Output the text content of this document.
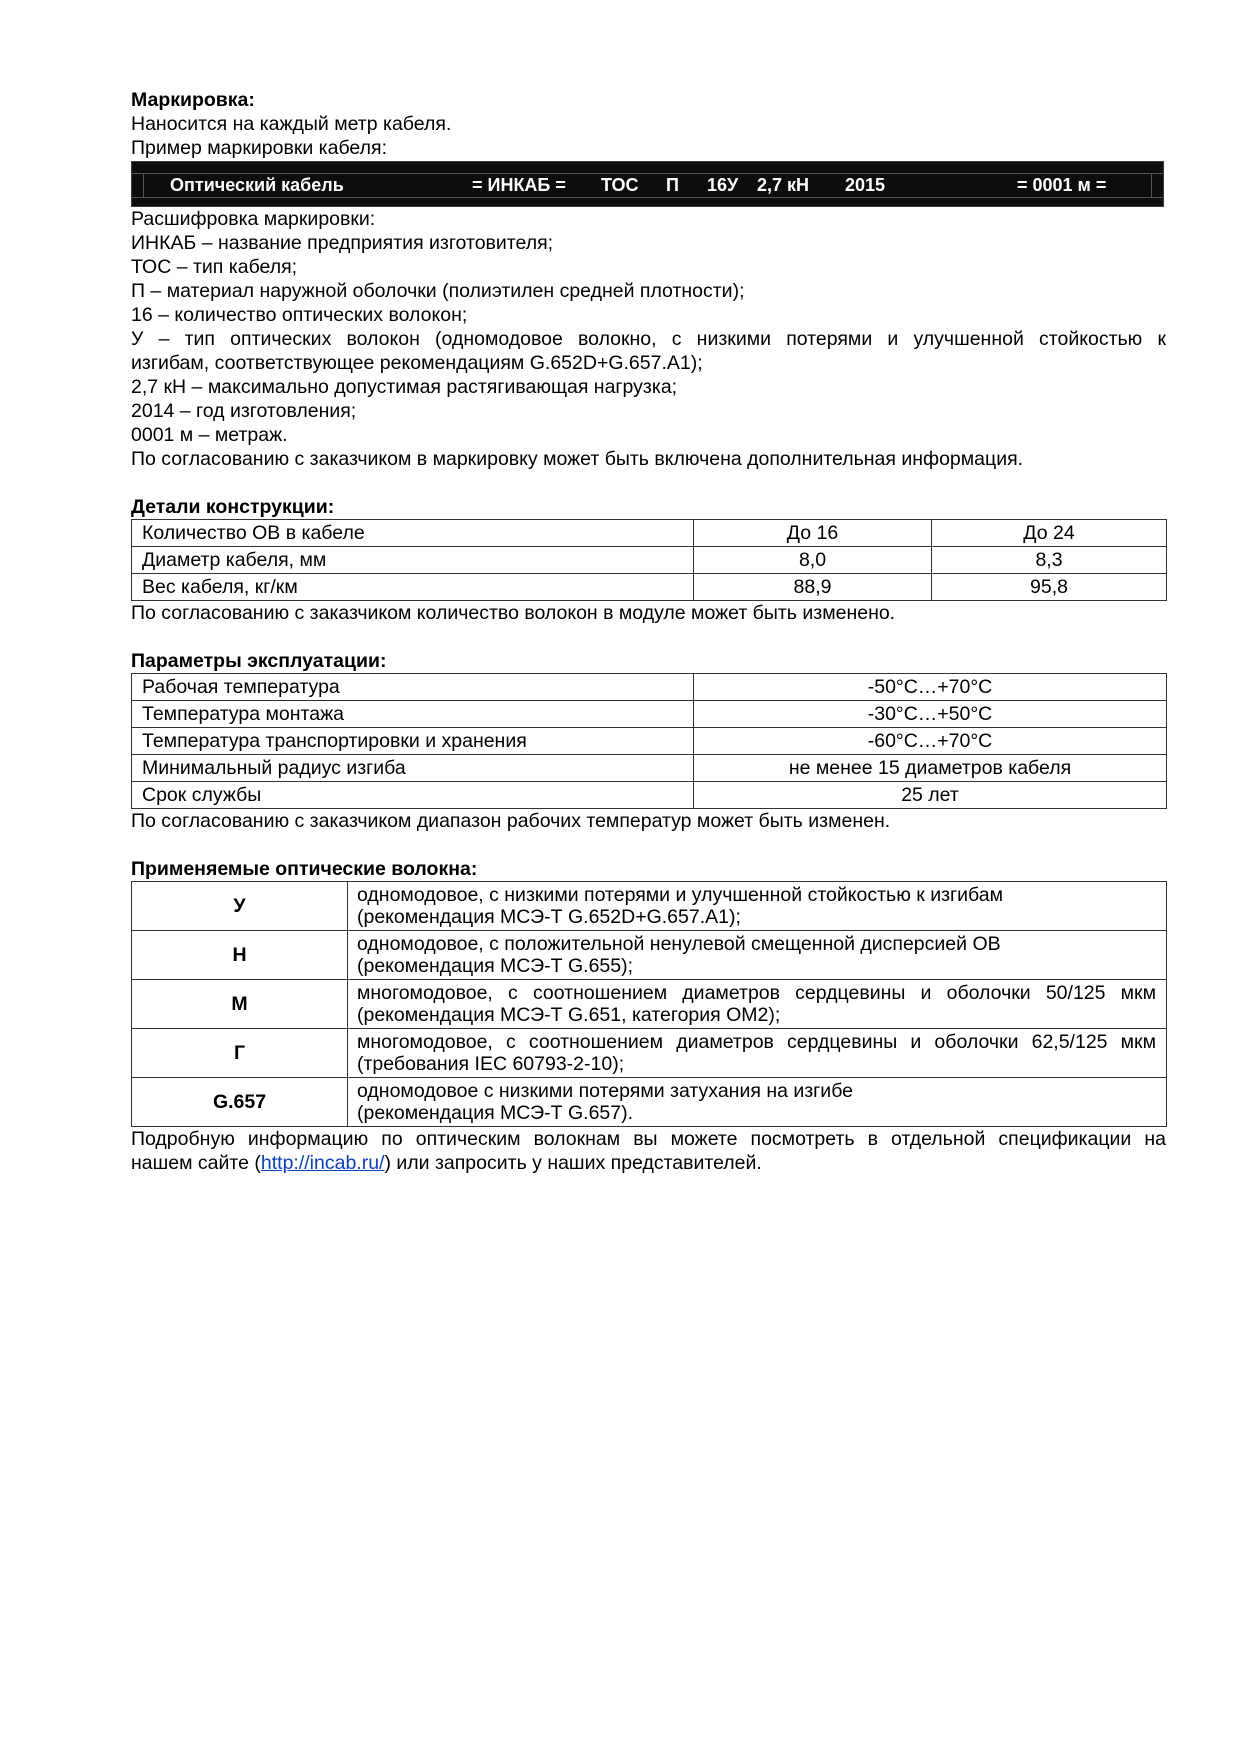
Маркировка:
Наносится на каждый метр кабеля.
Пример маркировки кабеля:
Оптический кабель	= ИНКАБ = ТОС П 16У 2,7 кН 2015	= 0001 м =
Расшифровка маркировки:
ИНКАБ – название предприятия изготовителя;
ТОС – тип кабеля;
П – материал наружной оболочки (полиэтилен средней плотности);
16 – количество оптических волокон;
У – тип оптических волокон (одномодовое волокно, с низкими потерями и улучшенной стойкостью к
изгибам, соответствующее рекомендациям G.652D+G.657.A1);
2,7 кН – максимально допустимая растягивающая нагрузка;
2014 – год изготовления;
0001 м – метраж.
По согласованию с заказчиком в маркировку может быть включена дополнительная информация.
Детали конструкции:
Количество ОВ в кабеле	До 16	До 24
Диаметр кабеля, мм	8,0	8,3
Вес кабеля, кг/км	88,9	95,8
По согласованию с заказчиком количество волокон в модуле может быть изменено.
Параметры эксплуатации:
Рабочая температура	-50°C…+70°C
Температура монтажа	-30°C…+50°C
Температура транспортировки и хранения	-60°C…+70°C
Минимальный радиус изгиба	не менее 15 диаметров кабеля
Срок службы	25 лет
По согласованию с заказчиком диапазон рабочих температур может быть изменен.
Применяемые оптические волокна:
У	одномодовое, с низкими потерями и улучшенной стойкостью к изгибам
(рекомендация МСЭ-Т G.652D+G.657.A1);

Н	одномодовое, с положительной ненулевой смещенной дисперсией ОВ
(рекомендация МСЭ-Т G.655);

М	многомодовое, с соотношением диаметров сердцевины и оболочки 50/125 мкм
(рекомендация МСЭ-Т G.651, категория ОМ2);

Г	многомодовое, с соотношением диаметров сердцевины и оболочки 62,5/125 мкм
(требования IEC 60793-2-10);

G.657	одномодовое с низкими потерями затухания на изгибе
(рекомендация МСЭ-Т G.657).
Подробную информацию по оптическим волокнам вы можете посмотреть в отдельной спецификации на
нашем сайте (http://incab.ru/) или запросить у наших представителей.
